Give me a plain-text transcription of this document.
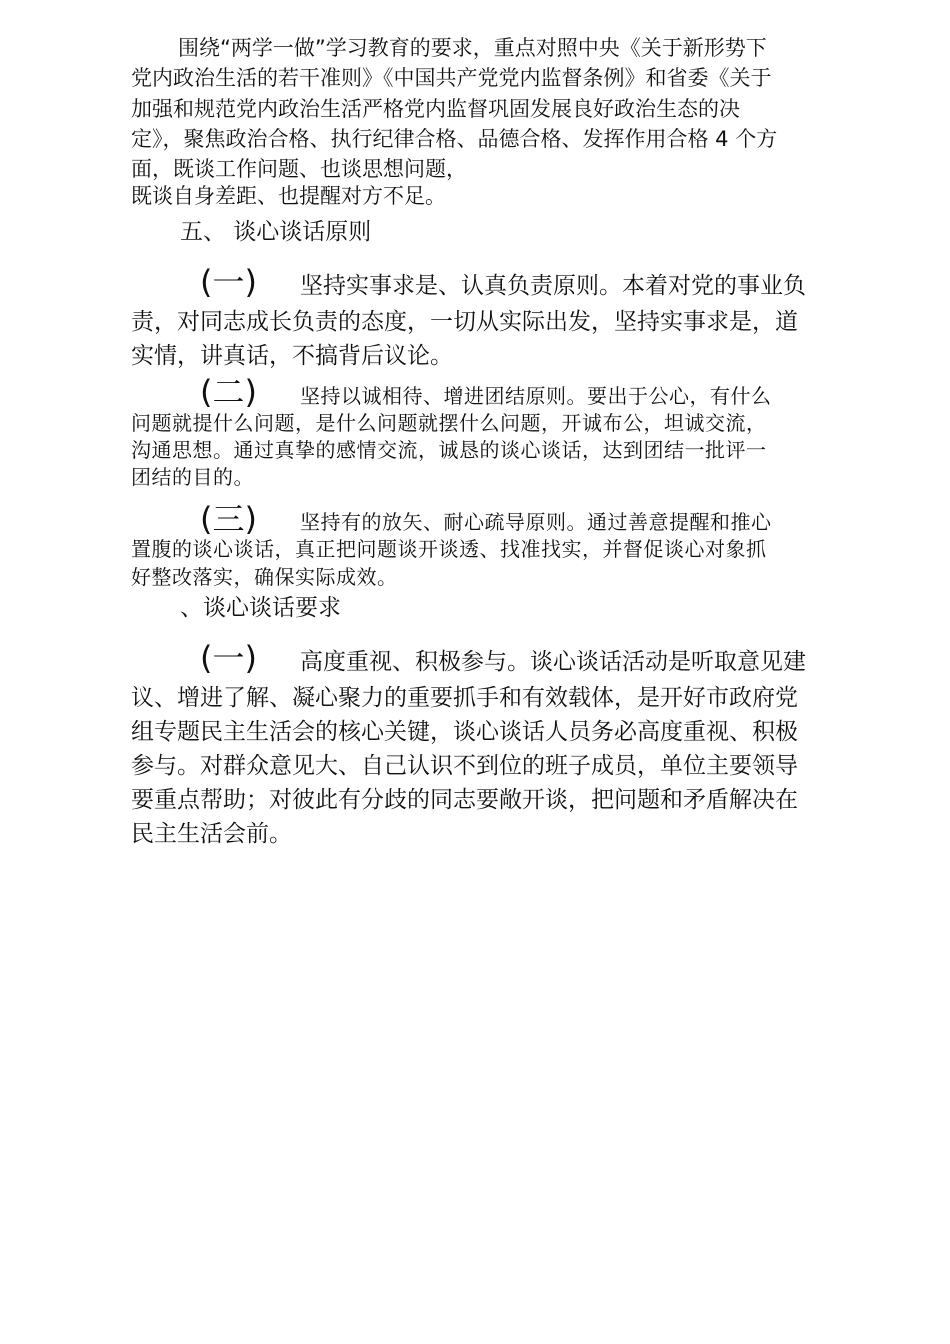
围绕“两学一做”学习教育的要求，重点对照中央《关于新形势下

党内政治生活的若干准则》《中国共产党党内监督条例》和省委《关于

加强和规范党内政治生活严格党内监督巩固发展良好政治生态的决

定》，聚焦政治合格、执行纪律合格、品德合格、发挥作用合格 4 个方

面，既谈工作问题、也谈思想问题，

既谈自身差距、也提醒对方不足。

五、 谈心谈话原则

(一) 坚持实事求是、认真负责原则。本着对党的事业负

责，对同志成长负责的态度，一切从实际出发，坚持实事求是，道

实情，讲真话，不搞背后议论。

(二) 坚持以诚相待、增进团结原则。要出于公心，有什么

问题就提什么问题，是什么问题就摆什么问题，开诚布公，坦诚交流，

沟通思想。通过真挚的感情交流，诚恳的谈心谈话，达到团结一批评一

团结的目的。

(三) 坚持有的放矢、耐心疏导原则。通过善意提醒和推心

置腹的谈心谈话，真正把问题谈开谈透、找准找实，并督促谈心对象抓

好整改落实，确保实际成效。

、谈心谈话要求

(一) 高度重视、积极参与。谈心谈话活动是听取意见建

议、增进了解、凝心聚力的重要抓手和有效载体，是开好市政府党

组专题民主生活会的核心关键，谈心谈话人员务必高度重视、积极

参与。对群众意见大、自己认识不到位的班子成员，单位主要领导

要重点帮助；对彼此有分歧的同志要敞开谈，把问题和矛盾解决在

民主生活会前。
